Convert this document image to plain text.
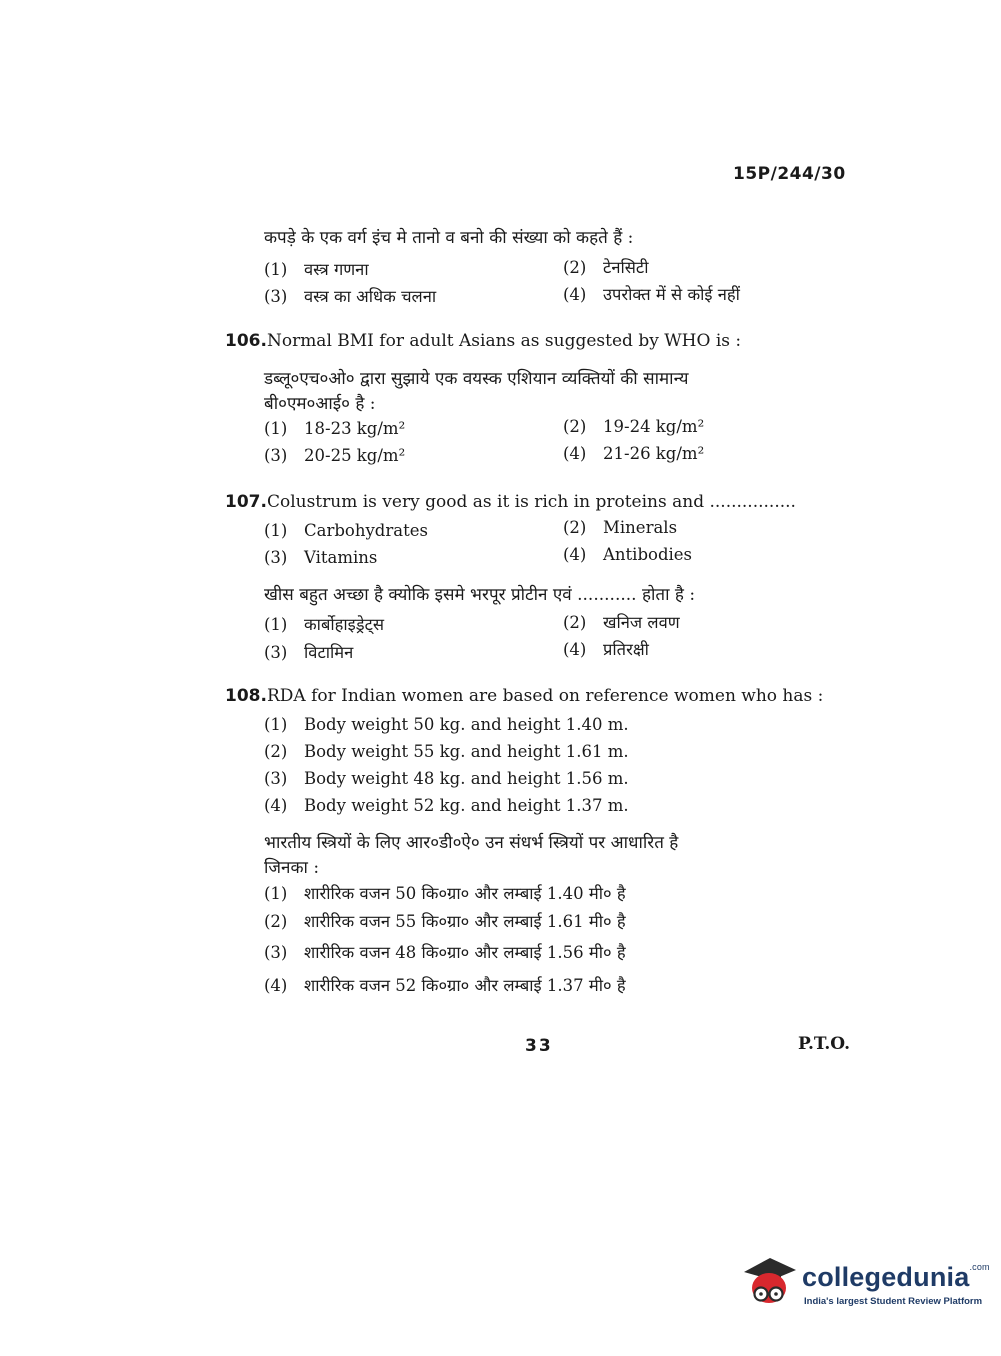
15P/244/30
कपड़े के एक वर्ग इंच मे तानो व बनो की संख्या को कहते हैं :
(1) वस्त्र गणना	(2) टेनसिटी
(3) वस्त्र का अधिक चलना	(4) उपरोक्त में से कोई नहीं
106.Normal BMI for adult Asians as suggested by WHO is :
डब्लू०एच०ओ० द्वारा सुझाये एक वयस्क एशियान व्यक्तियों की सामान्य
बी०एम०आई० है :
(1) 18-23 kg/m²	(2) 19-24 kg/m²
(3) 20-25 kg/m²	(4) 21-26 kg/m²
107.Colustrum is very good as it is rich in proteins and ................
(1) Carbohydrates	(2) Minerals
(3) Vitamins	(4) Antibodies
खीस बहुत अच्छा है क्योकि इसमे भरपूर प्रोटीन एवं ........... होता है :
(1) कार्बोहाइड्रेट्स	(2) खनिज लवण
(3) विटामिन	(4) प्रतिरक्षी
108.RDA for Indian women are based on reference women who has :
(1) Body weight 50 kg. and height 1.40 m.
(2) Body weight 55 kg. and height 1.61 m.
(3) Body weight 48 kg. and height 1.56 m.
(4) Body weight 52 kg. and height 1.37 m.
भारतीय स्त्रियों के लिए आर०डी०ऐ० उन संधर्भ स्त्रियों पर आधारित है
जिनका :
(1) शारीरिक वजन 50 कि०ग्रा० और लम्बाई 1.40 मी० है
(2) शारीरिक वजन 55 कि०ग्रा० और लम्बाई 1.61 मी० है
(3) शारीरिक वजन 48 कि०ग्रा० और लम्बाई 1.56 मी० है
(4) शारीरिक वजन 52 कि०ग्रा० और लम्बाई 1.37 मी० है
33	P.T.O.
collegedunia$^{.com}$
India's largest Student Review Platform
